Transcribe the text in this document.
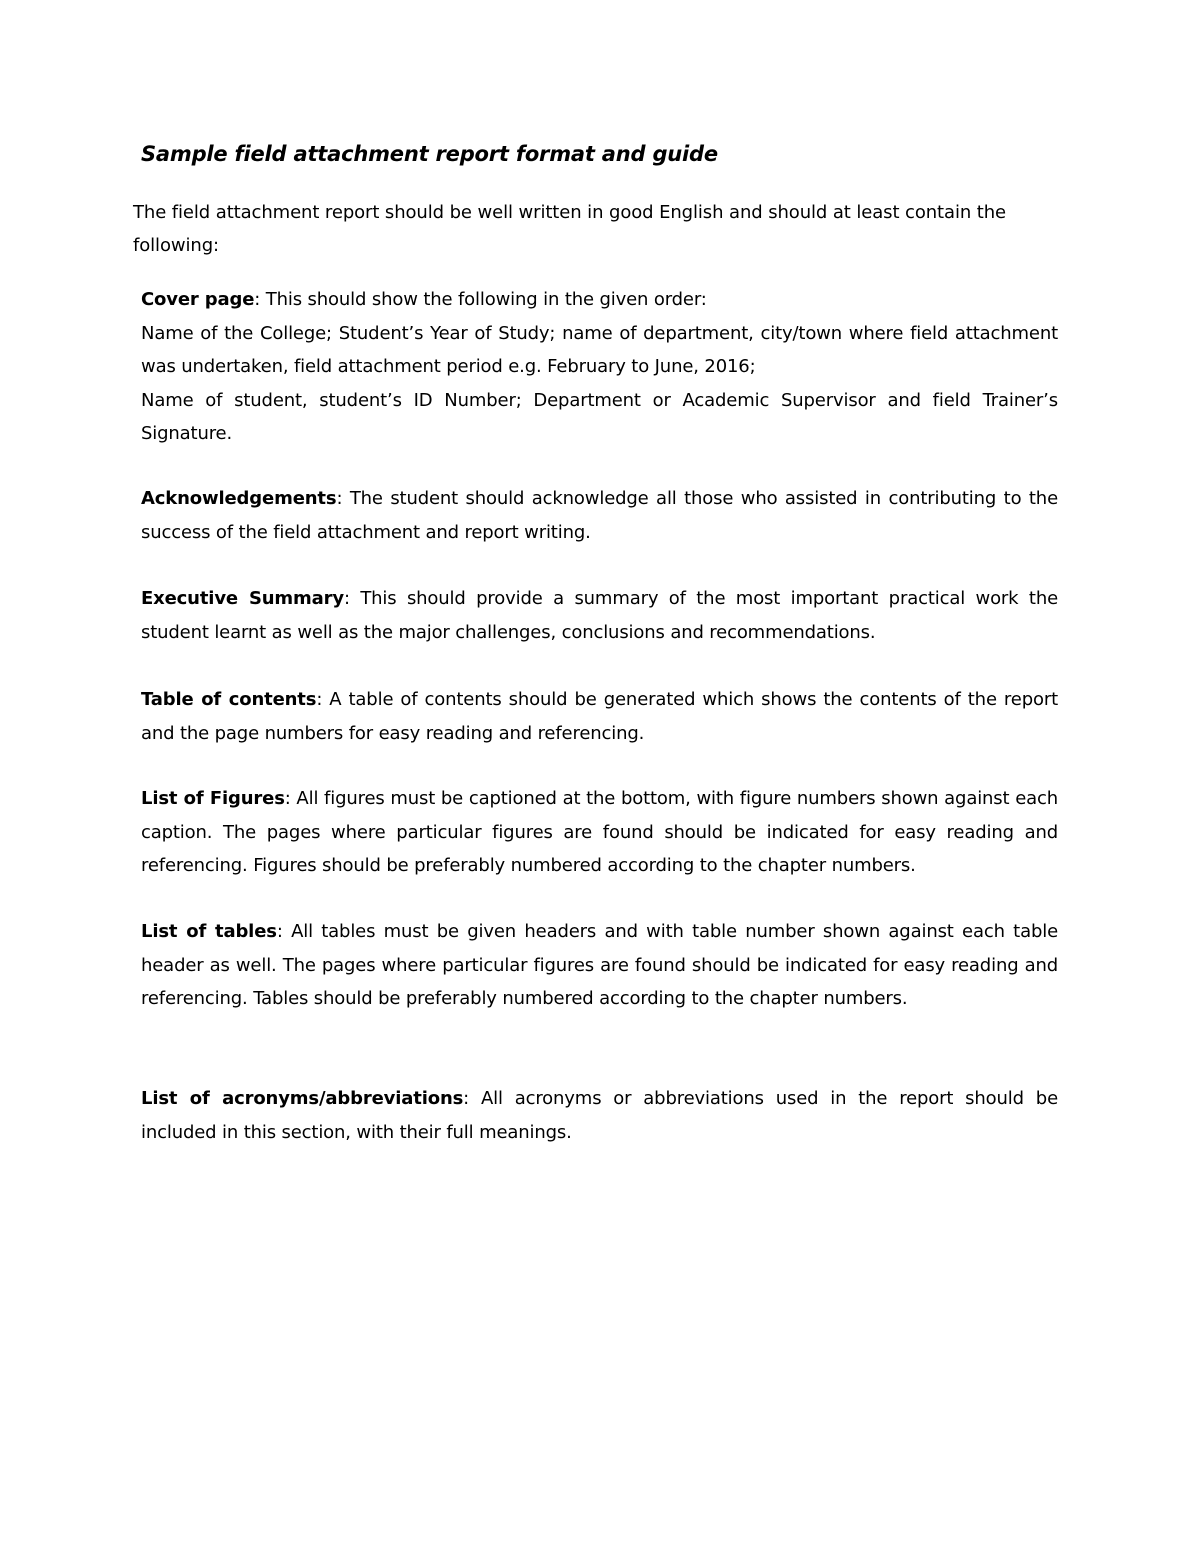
Sample field attachment report format and guide

The field attachment report should be well written in good English and should at least contain the following:

Cover page: This should show the following in the given order:
Name of the College; Student’s Year of Study; name of department, city/town where field attachment was undertaken, field attachment period e.g. February to June, 2016;
Name of student, student’s ID Number; Department or Academic Supervisor and field Trainer’s Signature.

Acknowledgements: The student should acknowledge all those who assisted in contributing to the success of the field attachment and report writing.

Executive Summary: This should provide a summary of the most important practical work the student learnt as well as the major challenges, conclusions and recommendations.

Table of contents: A table of contents should be generated which shows the contents of the report and the page numbers for easy reading and referencing.

List of Figures: All figures must be captioned at the bottom, with figure numbers shown against each caption. The pages where particular figures are found should be indicated for easy reading and referencing. Figures should be preferably numbered according to the chapter numbers.

List of tables: All tables must be given headers and with table number shown against each table header as well. The pages where particular figures are found should be indicated for easy reading and referencing. Tables should be preferably numbered according to the chapter numbers.

List of acronyms/abbreviations: All acronyms or abbreviations used in the report should be included in this section, with their full meanings.
